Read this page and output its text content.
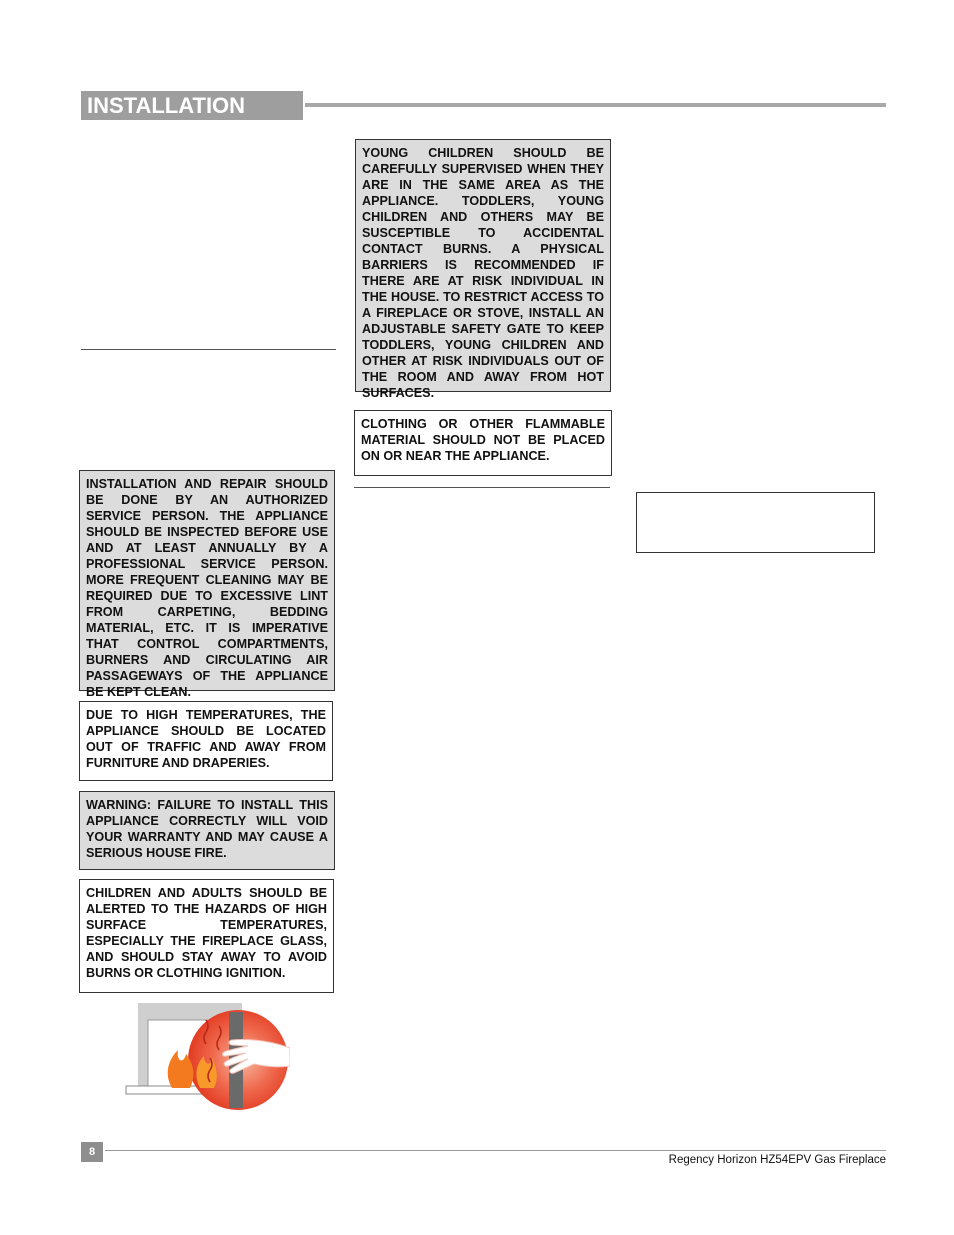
INSTALLATION
INSTALLATION AND REPAIR SHOULD BE DONE BY AN AUTHORIZED SERVICE PERSON. THE APPLIANCE SHOULD BE INSPECTED BEFORE USE AND AT LEAST ANNUALLY BY A PROFESSIONAL SERVICE PERSON. MORE FREQUENT CLEANING MAY BE REQUIRED DUE TO EXCESSIVE LINT FROM CARPETING, BEDDING MATERIAL, ETC. IT IS IMPERATIVE THAT CONTROL COMPARTMENTS, BURNERS AND CIRCULATING AIR PASSAGEWAYS OF THE APPLIANCE BE KEPT CLEAN.
DUE TO HIGH TEMPERATURES, THE APPLIANCE SHOULD BE LOCATED OUT OF TRAFFIC AND AWAY FROM FURNITURE AND DRAPERIES.
WARNING: FAILURE TO INSTALL THIS APPLIANCE CORRECTLY WILL VOID YOUR WARRANTY AND MAY CAUSE A SERIOUS HOUSE FIRE.
CHILDREN AND ADULTS SHOULD BE ALERTED TO THE HAZARDS OF HIGH SURFACE TEMPERATURES, ESPECIALLY THE FIREPLACE GLASS, AND SHOULD STAY AWAY TO AVOID BURNS OR CLOTHING IGNITION.
YOUNG CHILDREN SHOULD BE CAREFULLY SUPERVISED WHEN THEY ARE IN THE SAME AREA AS THE APPLIANCE. TODDLERS, YOUNG CHILDREN AND OTHERS MAY BE SUSCEPTIBLE TO ACCIDENTAL CONTACT BURNS. A PHYSICAL BARRIERS IS RECOMMENDED IF THERE ARE AT RISK INDIVIDUAL IN THE HOUSE. TO RESTRICT ACCESS TO A FIREPLACE OR STOVE, INSTALL AN ADJUSTABLE SAFETY GATE TO KEEP TODDLERS, YOUNG CHILDREN AND OTHER AT RISK INDIVIDUALS OUT OF THE ROOM AND AWAY FROM HOT SURFACES.
CLOTHING OR OTHER FLAMMABLE MATERIAL SHOULD NOT BE PLACED ON OR NEAR THE APPLIANCE.
8
Regency Horizon HZ54EPV Gas Fireplace
